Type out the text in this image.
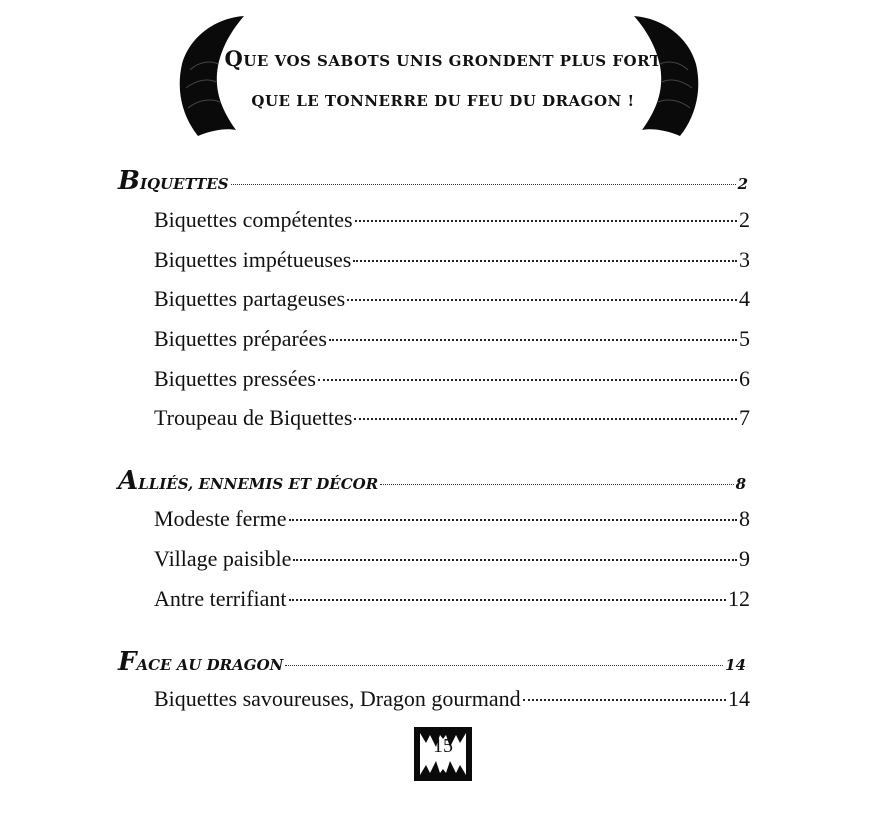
QUE VOS SABOTS UNIS GRONDENT PLUS FORT
QUE LE TONNERRE DU FEU DU DRAGON !
BIQUETTES	2
Biquettes compétentes	2
Biquettes impétueuses	3
Biquettes partageuses	4
Biquettes préparées	5
Biquettes pressées	6
Troupeau de Biquettes	7
ALLIÉS, ENNEMIS ET DÉCOR	8
Modeste ferme	8
Village paisible	9
Antre terrifiant	12
FACE AU DRAGON	14
Biquettes savoureuses, Dragon gourmand	14
15
